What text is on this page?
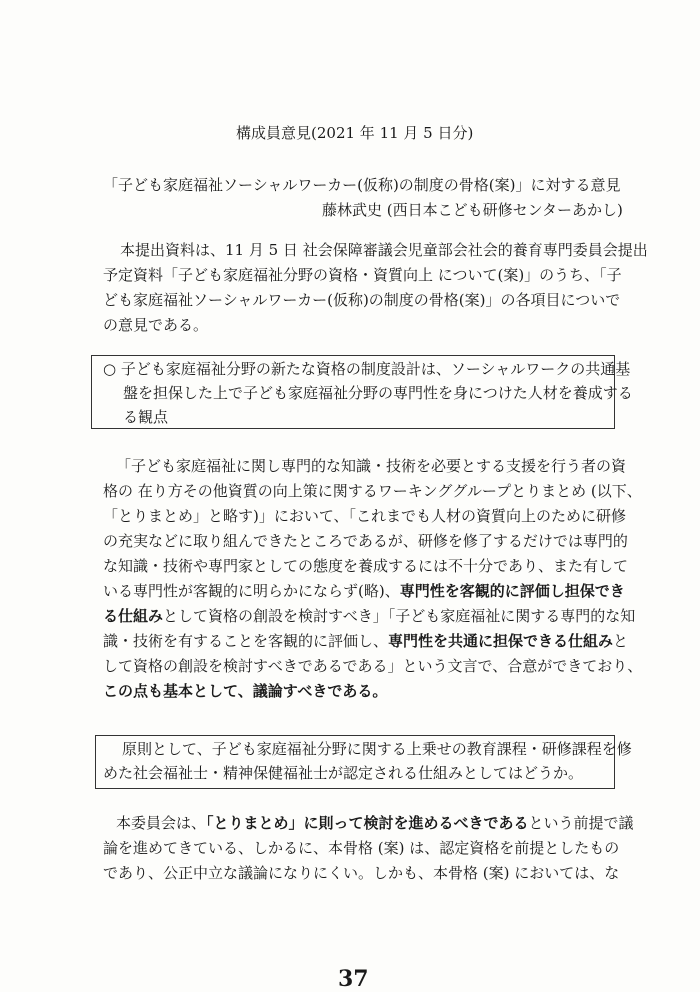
構成員意見(2021 年 11 月 5 日分)
「子ども家庭福祉ソーシャルワーカー(仮称)の制度の骨格(案)」に対する意見
藤林武史 (西日本こども研修センターあかし)
本提出資料は、11 月 5 日 社会保障審議会児童部会社会的養育専門委員会提出
予定資料「子ども家庭福祉分野の資格・資質向上 について(案)」のうち、「子
ども家庭福祉ソーシャルワーカー(仮称)の制度の骨格(案)」の各項目についで
の意見である。
○ 子ども家庭福祉分野の新たな資格の制度設計は、ソーシャルワークの共通基
盤を担保した上で子ども家庭福祉分野の専門性を身につけた人材を養成する
る観点
「子ども家庭福祉に関し専門的な知識・技術を必要とする支援を行う者の資
格の 在り方その他資質の向上策に関するワーキンググループとりまとめ (以下、
「とりまとめ」と略す)」において、「これまでも人材の資質向上のために研修
の充実などに取り組んできたところであるが、研修を修了するだけでは専門的
な知識・技術や専門家としての態度を養成するには不十分であり、また有して
いる専門性が客観的に明らかにならず(略)、専門性を客観的に評価し担保でき
る仕組みとして資格の創設を検討すべき」「子ども家庭福祉に関する専門的な知
識・技術を有することを客観的に評価し、専門性を共通に担保できる仕組みと
して資格の創設を検討すべきであるである」という文言で、合意ができており、
この点も基本として、議論すべきである。
原則として、子ども家庭福祉分野に関する上乗せの教育課程・研修課程を修
めた社会福祉士・精神保健福祉士が認定される仕組みとしてはどうか。
本委員会は、「とりまとめ」に則って検討を進めるべきであるという前提で議
論を進めてきている、しかるに、本骨格 (案) は、認定資格を前提としたもの
であり、公正中立な議論になりにくい。しかも、本骨格 (案) においては、な
37
